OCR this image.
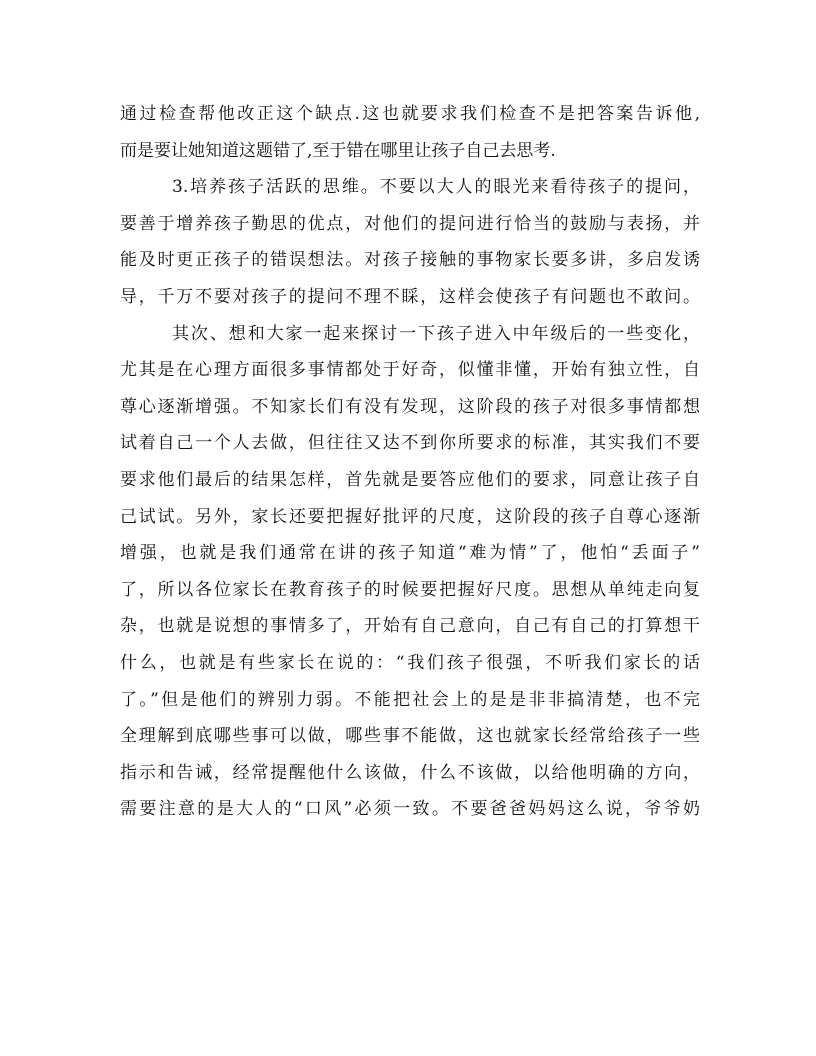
通过检查帮他改正这个缺点.这也就要求我们检查不是把答案告诉他,
而是要让她知道这题错了,至于错在哪里让孩子自己去思考.
3.培养孩子活跃的思维。不要以大人的眼光来看待孩子的提问，
要善于增养孩子勤思的优点，对他们的提问进行恰当的鼓励与表扬，并
能及时更正孩子的错误想法。对孩子接触的事物家长要多讲，多启发诱
导，千万不要对孩子的提问不理不睬，这样会使孩子有问题也不敢问。
其次、想和大家一起来探讨一下孩子进入中年级后的一些变化，
尤其是在心理方面很多事情都处于好奇，似懂非懂，开始有独立性，自
尊心逐渐增强。不知家长们有没有发现，这阶段的孩子对很多事情都想
试着自己一个人去做，但往往又达不到你所要求的标准，其实我们不要
要求他们最后的结果怎样，首先就是要答应他们的要求，同意让孩子自
己试试。另外，家长还要把握好批评的尺度，这阶段的孩子自尊心逐渐
增强，也就是我们通常在讲的孩子知道“难为情”了，他怕“丢面子”
了，所以各位家长在教育孩子的时候要把握好尺度。思想从单纯走向复
杂，也就是说想的事情多了，开始有自己意向，自己有自己的打算想干
什么，也就是有些家长在说的：“我们孩子很强，不听我们家长的话
了。”但是他们的辨别力弱。不能把社会上的是是非非搞清楚，也不完
全理解到底哪些事可以做，哪些事不能做，这也就家长经常给孩子一些
指示和告诫，经常提醒他什么该做，什么不该做，以给他明确的方向，
需要注意的是大人的“口风”必须一致。不要爸爸妈妈这么说，爷爷奶
